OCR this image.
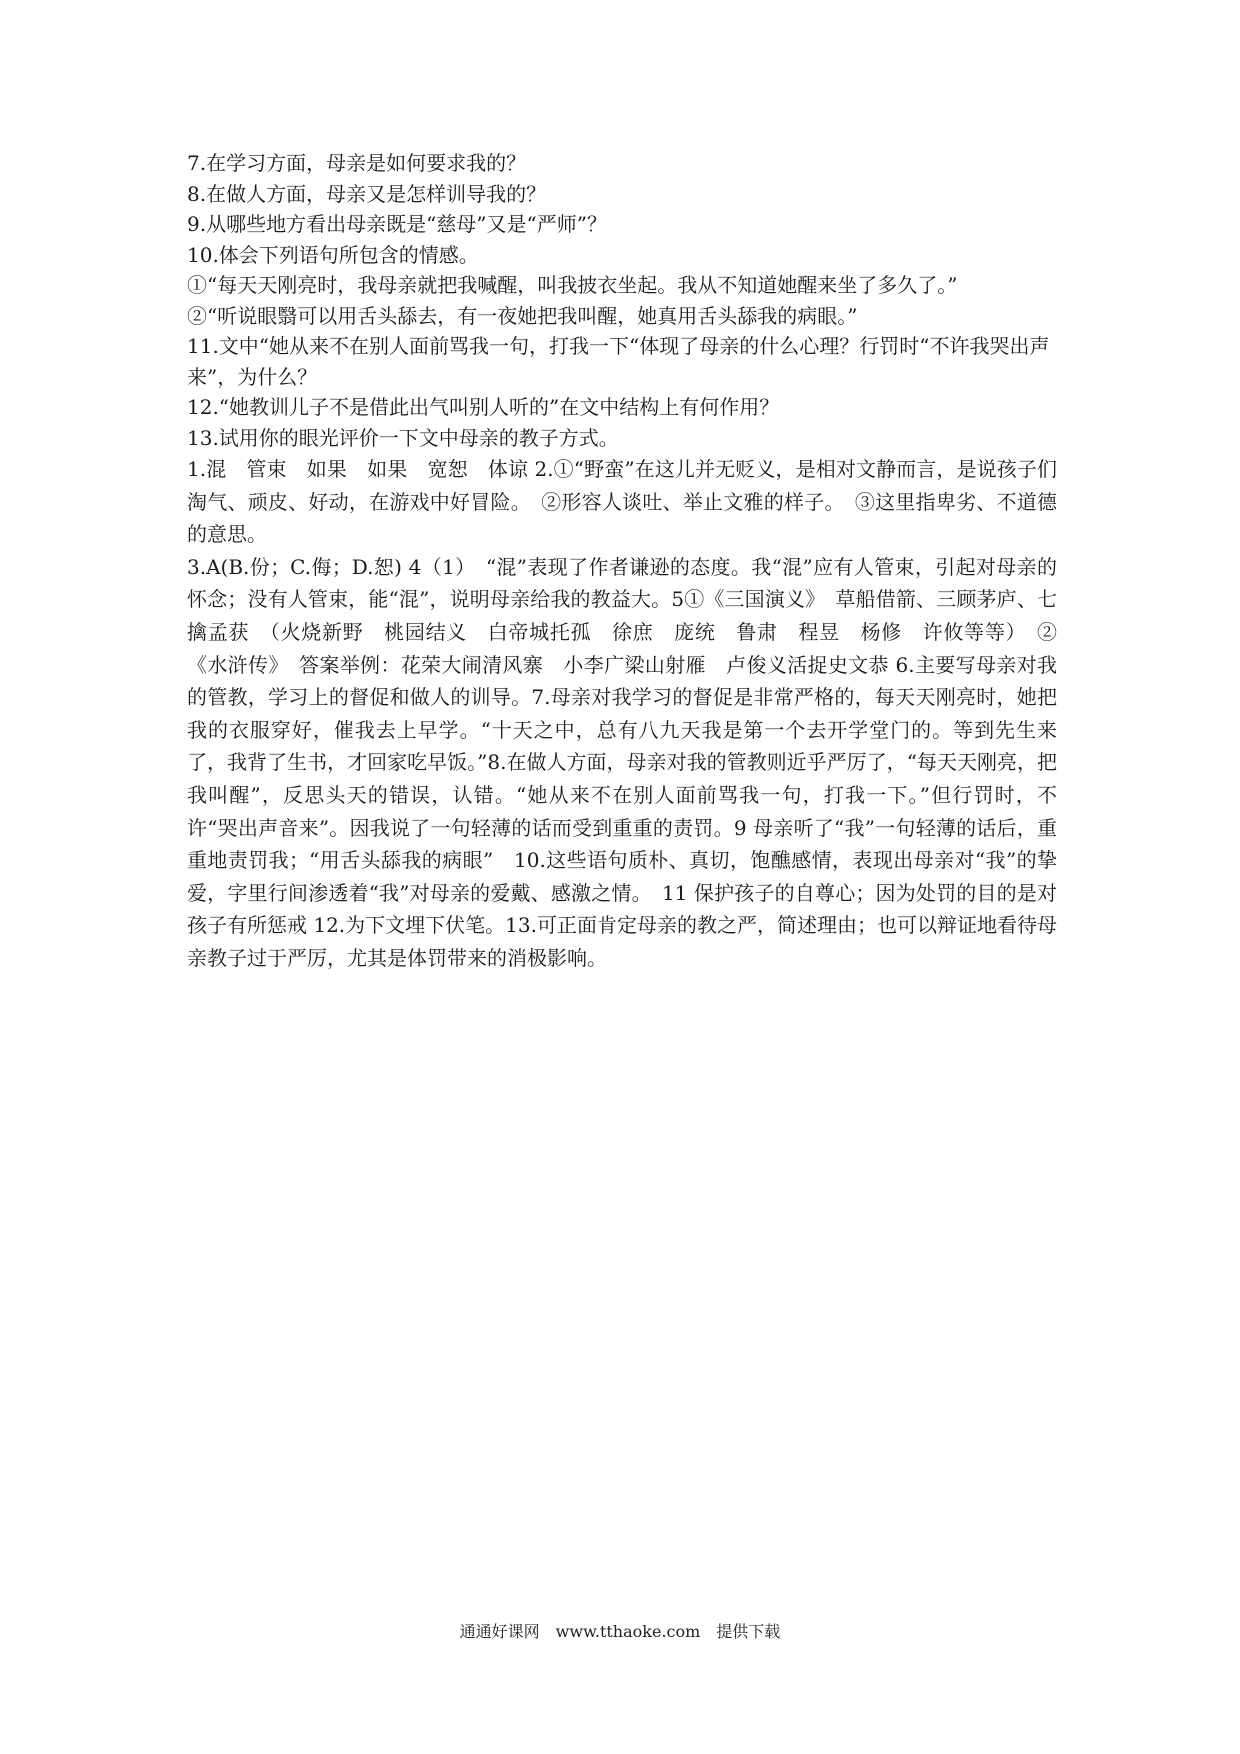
7.在学习方面，母亲是如何要求我的？

8.在做人方面，母亲又是怎样训导我的？

9.从哪些地方看出母亲既是“慈母”又是“严师”？

10.体会下列语句所包含的情感。

①“每天天刚亮时，我母亲就把我喊醒，叫我披衣坐起。我从不知道她醒来坐了多久了。”

②“听说眼翳可以用舌头舔去，有一夜她把我叫醒，她真用舌头舔我的病眼。”

11.文中“她从来不在别人面前骂我一句，打我一下“体现了母亲的什么心理？行罚时“不许我哭出声来”，为什么？

12.“她教训儿子不是借此出气叫别人听的”在文中结构上有何作用？

13.试用你的眼光评价一下文中母亲的教子方式。

1.混　管束　如果　如果　宽恕　体谅 2.①“野蛮”在这儿并无贬义，是相对文静而言，是说孩子们淘气、顽皮、好动，在游戏中好冒险。　②形容人谈吐、举止文雅的样子。　③这里指卑劣、不道德的意思。

3.A(B.份；C.侮；D.恕) 4（1）　“混”表现了作者谦逊的态度。我“混”应有人管束，引起对母亲的怀念；没有人管束，能“混”，说明母亲给我的教益大。5①《三国演义》　草船借箭、三顾茅庐、七擒孟获　（火烧新野　桃园结义　白帝城托孤　徐庶　庞统　鲁肃　程昱　杨修　许攸等等）　②《水浒传》　答案举例：花荣大闹清风寨　小李广梁山射雁　卢俊义活捉史文恭 6.主要写母亲对我的管教，学习上的督促和做人的训导。7.母亲对我学习的督促是非常严格的，每天天刚亮时，她把我的衣服穿好，催我去上早学。“十天之中，总有八九天我是第一个去开学堂门的。等到先生来了，我背了生书，才回家吃早饭。”8.在做人方面，母亲对我的管教则近乎严厉了，“每天天刚亮，把我叫醒”，反思头天的错误，认错。“她从来不在别人面前骂我一句，打我一下。”但行罚时，不许“哭出声音来”。因我说了一句轻薄的话而受到重重的责罚。9 母亲听了“我”一句轻薄的话后，重重地责罚我；“用舌头舔我的病眼”　10.这些语句质朴、真切，饱醮感情，表现出母亲对“我”的挚爱，字里行间渗透着“我”对母亲的爱戴、感激之情。　11 保护孩子的自尊心；因为处罚的目的是对孩子有所惩戒 12.为下文埋下伏笔。13.可正面肯定母亲的教之严，简述理由；也可以辩证地看待母亲教子过于严厉，尤其是体罚带来的消极影响。

通通好课网　www.tthaoke.com　提供下载
